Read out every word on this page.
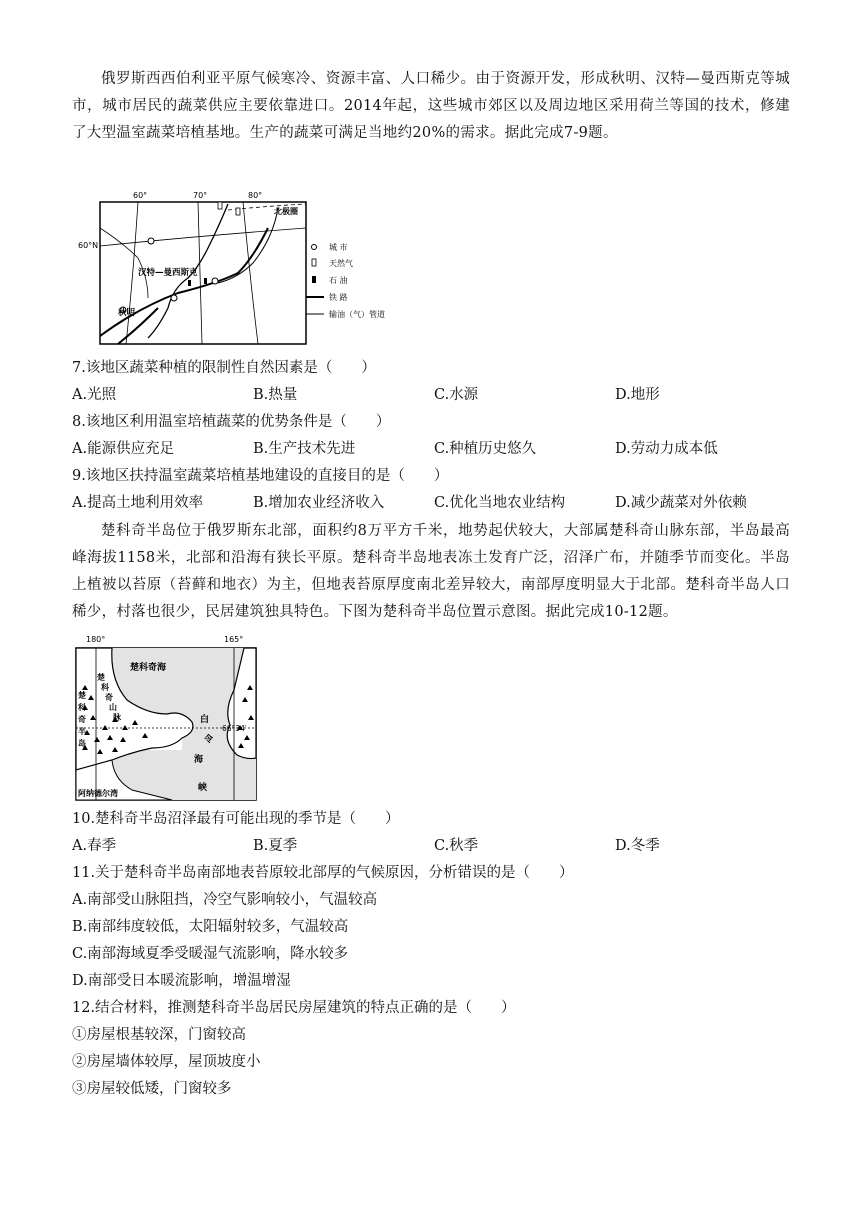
俄罗斯西西伯利亚平原气候寒冷、资源丰富、人口稀少。由于资源开发，形成秋明、汉特—曼西斯克等城市，城市居民的蔬菜供应主要依靠进口。2014年起，这些城市郊区以及周边地区采用荷兰等国的技术，修建了大型温室蔬菜培植基地。生产的蔬菜可满足当地约20%的需求。据此完成7-9题。
60°	70°	80°
60°N
汉特—曼西斯克
秋明
北极圈
城 市
天然气
石 油
铁 路
输油（气）管道
7.该地区蔬菜种植的限制性自然因素是（　　）
A.光照	B.热量	C.水源	D.地形
8.该地区利用温室培植蔬菜的优势条件是（　　）
A.能源供应充足	B.生产技术先进	C.种植历史悠久	D.劳动力成本低
9.该地区扶持温室蔬菜培植基地建设的直接目的是（　　）
A.提高土地利用效率	B.增加农业经济收入	C.优化当地农业结构	D.减少蔬菜对外依赖
楚科奇半岛位于俄罗斯东北部，面积约8万平方千米，地势起伏较大，大部属楚科奇山脉东部，半岛最高峰海拔1158米，北部和沿海有狭长平原。楚科奇半岛地表冻土发育广泛，沼泽广布，并随季节而变化。半岛上植被以苔原（苔藓和地衣）为主，但地表苔原厚度南北差异较大，南部厚度明显大于北部。楚科奇半岛人口稀少，村落也很少，民居建筑独具特色。下图为楚科奇半岛位置示意图。据此完成10-12题。
180°	165°
66°34′
楚科奇海
楚 科 奇 山 脉
楚 科 奇 半 岛
白 令 海 峡
阿纳德尔湾
10.楚科奇半岛沼泽最有可能出现的季节是（　　）
A.春季	B.夏季	C.秋季	D.冬季
11.关于楚科奇半岛南部地表苔原较北部厚的气候原因，分析错误的是（　　）
A.南部受山脉阻挡，冷空气影响较小，气温较高
B.南部纬度较低，太阳辐射较多，气温较高
C.南部海域夏季受暖湿气流影响，降水较多
D.南部受日本暖流影响，增温增湿
12.结合材料，推测楚科奇半岛居民房屋建筑的特点正确的是（　　）
①房屋根基较深，门窗较高
②房屋墙体较厚，屋顶坡度小
③房屋较低矮，门窗较多
